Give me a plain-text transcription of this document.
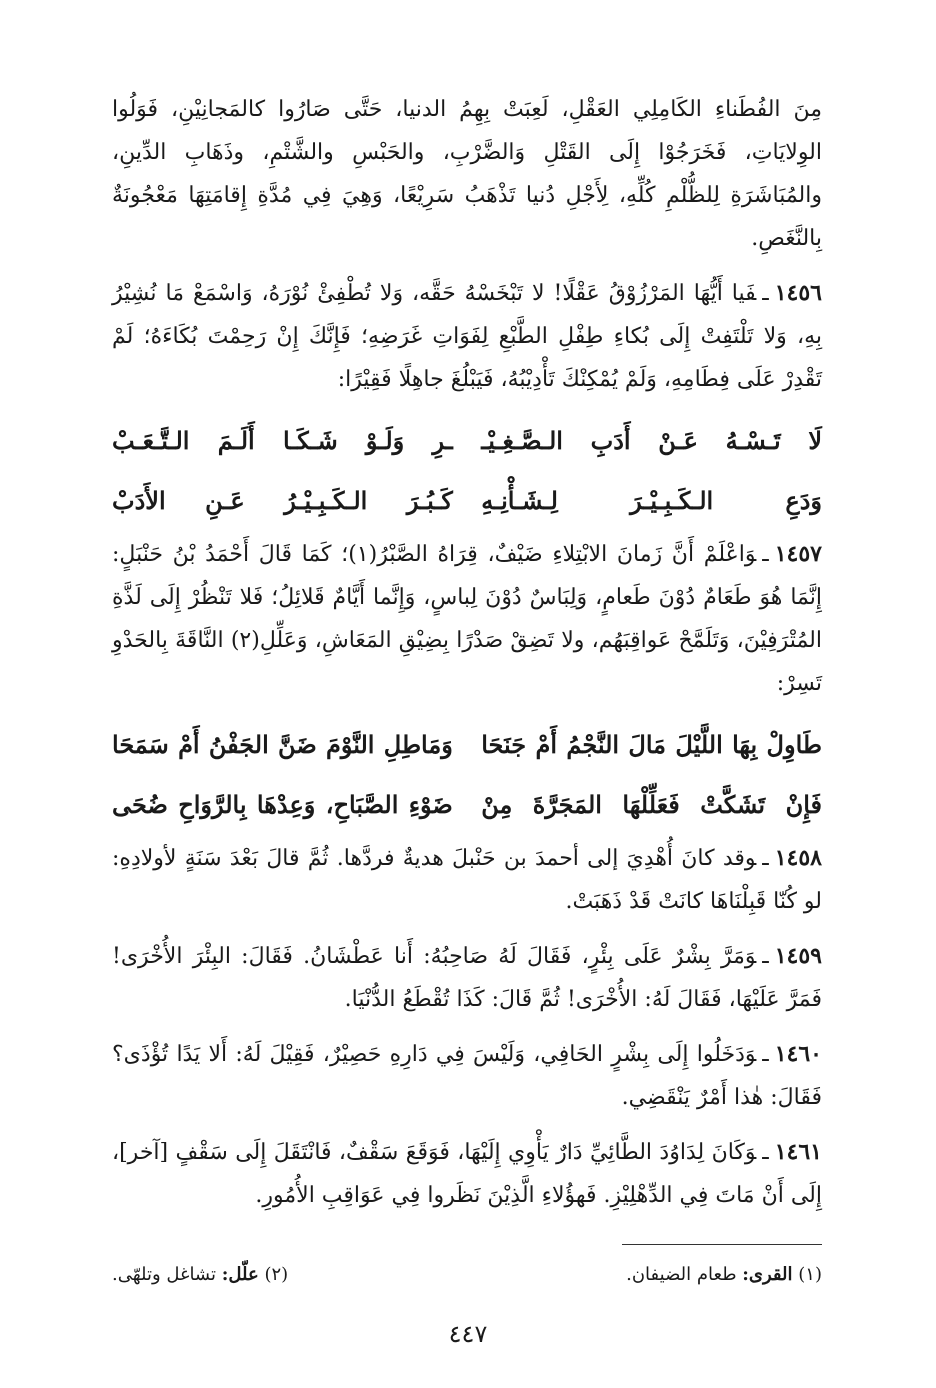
مِنَ الفُطَناءِ الكَامِلِي العَقْلِ، لَعِبَتْ بِهِمُ الدنيا، حَتَّى صَارُوا كالمَجانِيْنِ، فَوَلُوا الوِلايَاتِ، فَخَرَجُوْا إِلَى القَتْلِ وَالضَّرْبِ، والحَبْسِ والشَّتْمِ، وذَهَابِ الدِّينِ، والمُبَاشَرَةِ لِلظُّلْمِ كُلِّهِ، لِأَجْلِ دُنيا تَذْهَبُ سَرِيْعًا، وَهِيَ فِي مُدَّةِ إِقامَتِهَا مَعْجُونَةٌ بِالنَّغَصِ.

١٤٥٦ـفَيا أَيُّهَا المَرْزُوْقُ عَقْلًا! لا تَبْخَسْهُ حَقَّه، وَلا تُطْفِئْ نُوْرَهُ، وَاسْمَعْ مَا نُشِيْرُ بِهِ، وَلا تَلْتَفِتْ إِلَى بُكاءِ طِفْلِ الطَّبْعِ لِفَوَاتِ غَرَضِهِ؛ فَإِنَّكَ إِنْ رَحِمْتَ بُكَاءَهُ؛ لَمْ تَقْدِرْ عَلَى فِطَامِهِ، وَلَمْ يُمْكِنْكَ تَأْدِيْبُهُ، فَيَبْلُغَ جاهِلًا فَقِيْرًا:

لَا تَـسْـهُ عَـنْ أَدَبِ الـصَّـغِـيْـ
ـرِ وَلَـوْ شَـكَـا أَلَـمَ الـتَّـعَـبْ
وَدَعِ الـكَـبِـيْـرَ لِـشَـأْنِـهِ
كَـبُـرَ الـكَـبِـيْـرُ عَـنِ الأَدَبْ

١٤٥٧ـوَاعْلَمْ أَنَّ زَمانَ الابْتِلاءِ ضَيْفٌ، قِرَاهُ الصَّبْرُ(١)؛ كَمَا قَالَ أَحْمَدُ بْنُ حَنْبَلٍ: إِنَّمَا هُوَ طَعَامٌ دُوْنَ طَعامٍ، وَلِبَاسٌ دُوْنَ لِباسٍ، وَإِنَّما أَيَّامٌ قَلائِلُ؛ فَلا تَنْظُرْ إِلَى لَذَّةِ المُتْرَفِيْنَ، وَتَلَمَّحْ عَواقِبَهُم، ولا تَضِقْ صَدْرًا بِضِيْقِ المَعَاشِ، وَعَلِّلِ(٢) النَّاقَةَ بِالحَدْوِ تَسِرْ:

طَاوِلْ بِهَا اللَّيْلَ مَالَ النَّجْمُ أَمْ جَنَحَا
وَمَاطِلِ النَّوْمَ ضَنَّ الجَفْنُ أَمْ سَمَحَا
فَإِنْ تَشَكَّتْ فَعَلِّلْهَا المَجَرَّةَ مِنْ
ضَوْءِ الصَّبَاحِ، وَعِدْهَا بِالرَّوَاحِ ضُحَى

١٤٥٨ـوقد كانَ أُهْدِيَ إلى أحمدَ بن حَنْبلَ هديةٌ فردَّها. ثُمَّ قالَ بَعْدَ سَنَةٍ لأولادِهِ: لو كُنّا قَبِلْنَاهَا كانَتْ قَدْ ذَهَبَتْ.

١٤٥٩ـوَمَرَّ بِشْرٌ عَلَى بِئْرٍ، فَقَالَ لَهُ صَاحِبُهُ: أَنا عَطْشَانُ. فَقَالَ: البِئْرَ الأُخْرَى! فَمَرَّ عَلَيْهَا، فَقَالَ لَهُ: الأُخْرَى! ثُمَّ قَالَ: كَذَا تُقْطَعُ الدُّنْيَا.

١٤٦٠ـوَدَخَلُوا إِلَى بِشْرٍ الحَافِي، وَلَيْسَ فِي دَارِهِ حَصِيْرٌ، فَقِيْلَ لَهُ: أَلا يَدًا تُؤْذَى؟ فَقَالَ: هٰذا أَمْرٌ يَنْقَضِي.

١٤٦١ـوَكَانَ لِدَاوُدَ الطَّائِيِّ دَارٌ يَأْوِي إِلَيْهَا، فَوَقَعَ سَقْفٌ، فَانْتَقَلَ إِلَى سَقْفٍ [آخر]، إِلَى أَنْ مَاتَ فِي الدِّهْلِيْزِ. فَهؤُلاءِ الَّذِيْنَ نَظَروا فِي عَوَاقِبِ الأُمُورِ.

(١) القرى: طعام الضيفان.
(٢) علّل: تشاغل وتلهّى.
٤٤٧
